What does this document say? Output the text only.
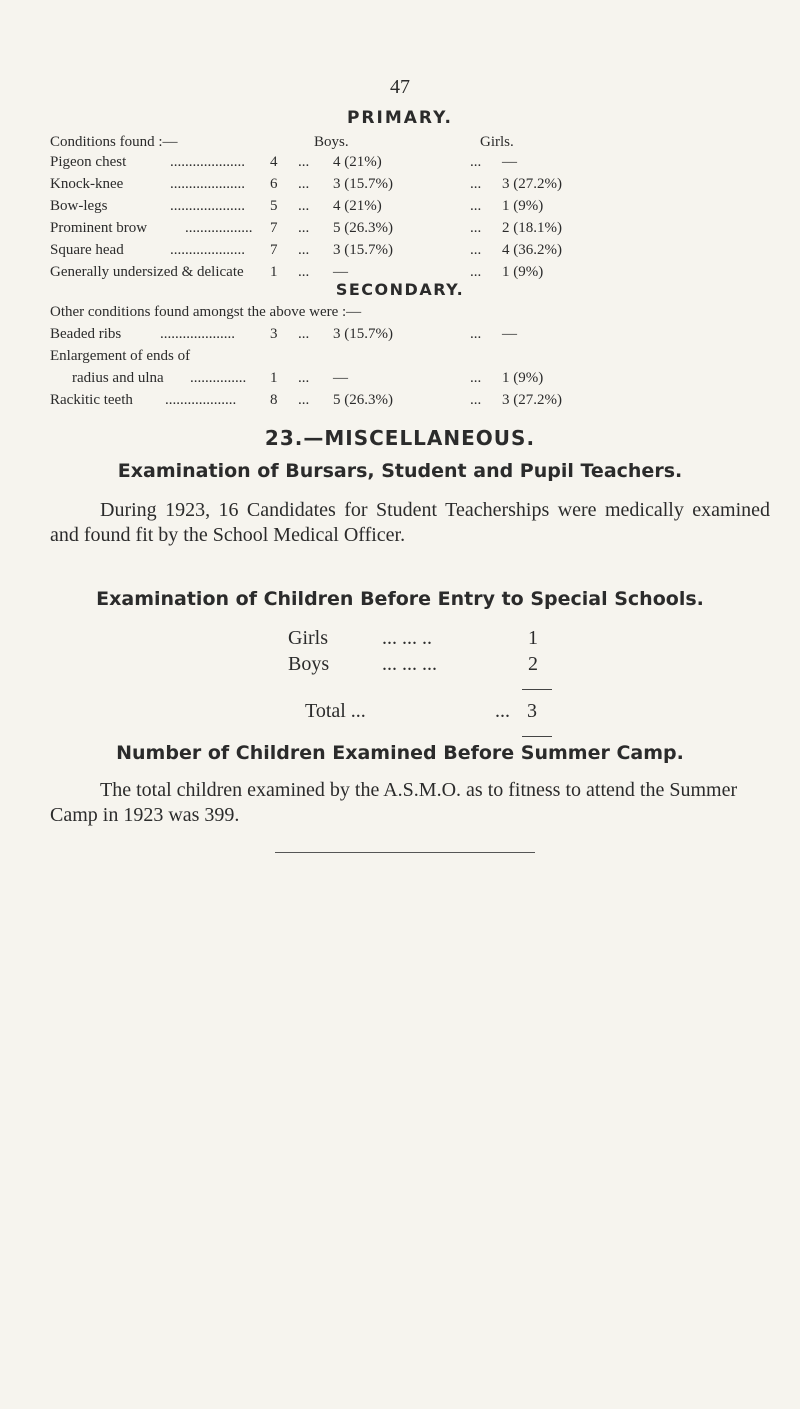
47
PRIMARY.
Conditions found :—	Boys.	Girls.
Pigeon chest	.................... 4 ... 4 (21%)	... —
Knock-knee	.................... 6 ... 3 (15.7%)	... 3 (27.2%)
Bow-legs	.................... 5 ... 4 (21%)	... 1 (9%)
Prominent brow	.................. 7 ... 5 (26.3%)	... 2 (18.1%)
Square head	.................... 7 ... 3 (15.7%)	... 4 (36.2%)
Generally undersized & delicate 1 ... —	... 1 (9%)
SECONDARY.
Other conditions found amongst the above were :—
Beaded ribs	.................... 3 ... 3 (15.7%)	... —
Enlargement of ends of
radius and ulna ............... 1 ... —	... 1 (9%)
Rackitic teeth ................... 8 ... 5 (26.3%)	... 3 (27.2%)
23.—MISCELLANEOUS.
Examination of Bursars, Student and Pupil Teachers.

During 1923, 16 Candidates for Student Teacherships were medically examined and found fit by the School Medical Officer.

Examination of Children Before Entry to Special Schools.
Girls	... ... ..	1
Boys	... ... ...	2
Total ...	... 3
Number of Children Examined Before Summer Camp.

The total children examined by the A.S.M.O. as to fitness to attend the Summer Camp in 1923 was 399.
